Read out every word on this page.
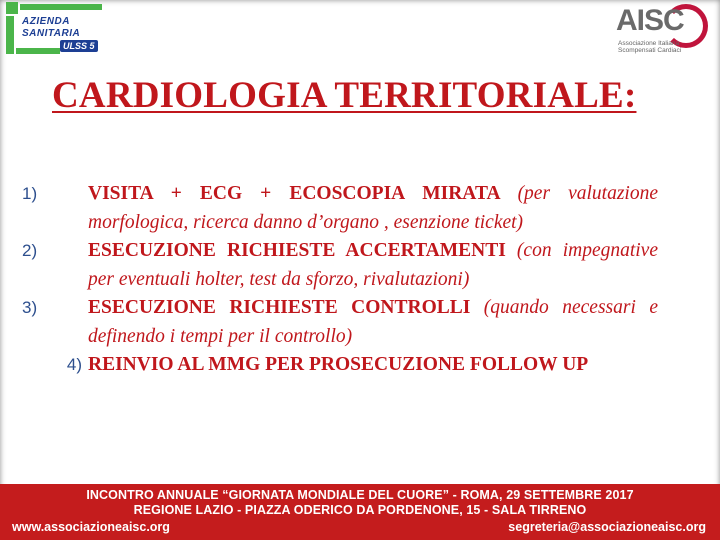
AZIENDA
SANITARIA
ULSS 5
AISC
Associazione Italiana
Scompensati Cardiaci
CARDIOLOGIA TERRITORIALE:
1)	VISITA + ECG + ECOSCOPIA MIRATA (per valutazione morfologica, ricerca danno d’organo , esenzione ticket)
2)	ESECUZIONE RICHIESTE ACCERTAMENTI (con impegnative per eventuali holter, test da sforzo, rivalutazioni)
3)	ESECUZIONE RICHIESTE CONTROLLI (quando necessari e definendo i tempi per il controllo)
4) REINVIO AL MMG PER PROSECUZIONE FOLLOW UP
INCONTRO ANNUALE “GIORNATA MONDIALE DEL CUORE” - ROMA, 29 SETTEMBRE 2017
REGIONE LAZIO - PIAZZA ODERICO DA PORDENONE, 15 - SALA TIRRENO
www.associazioneaisc.org	segreteria@associazioneaisc.org
